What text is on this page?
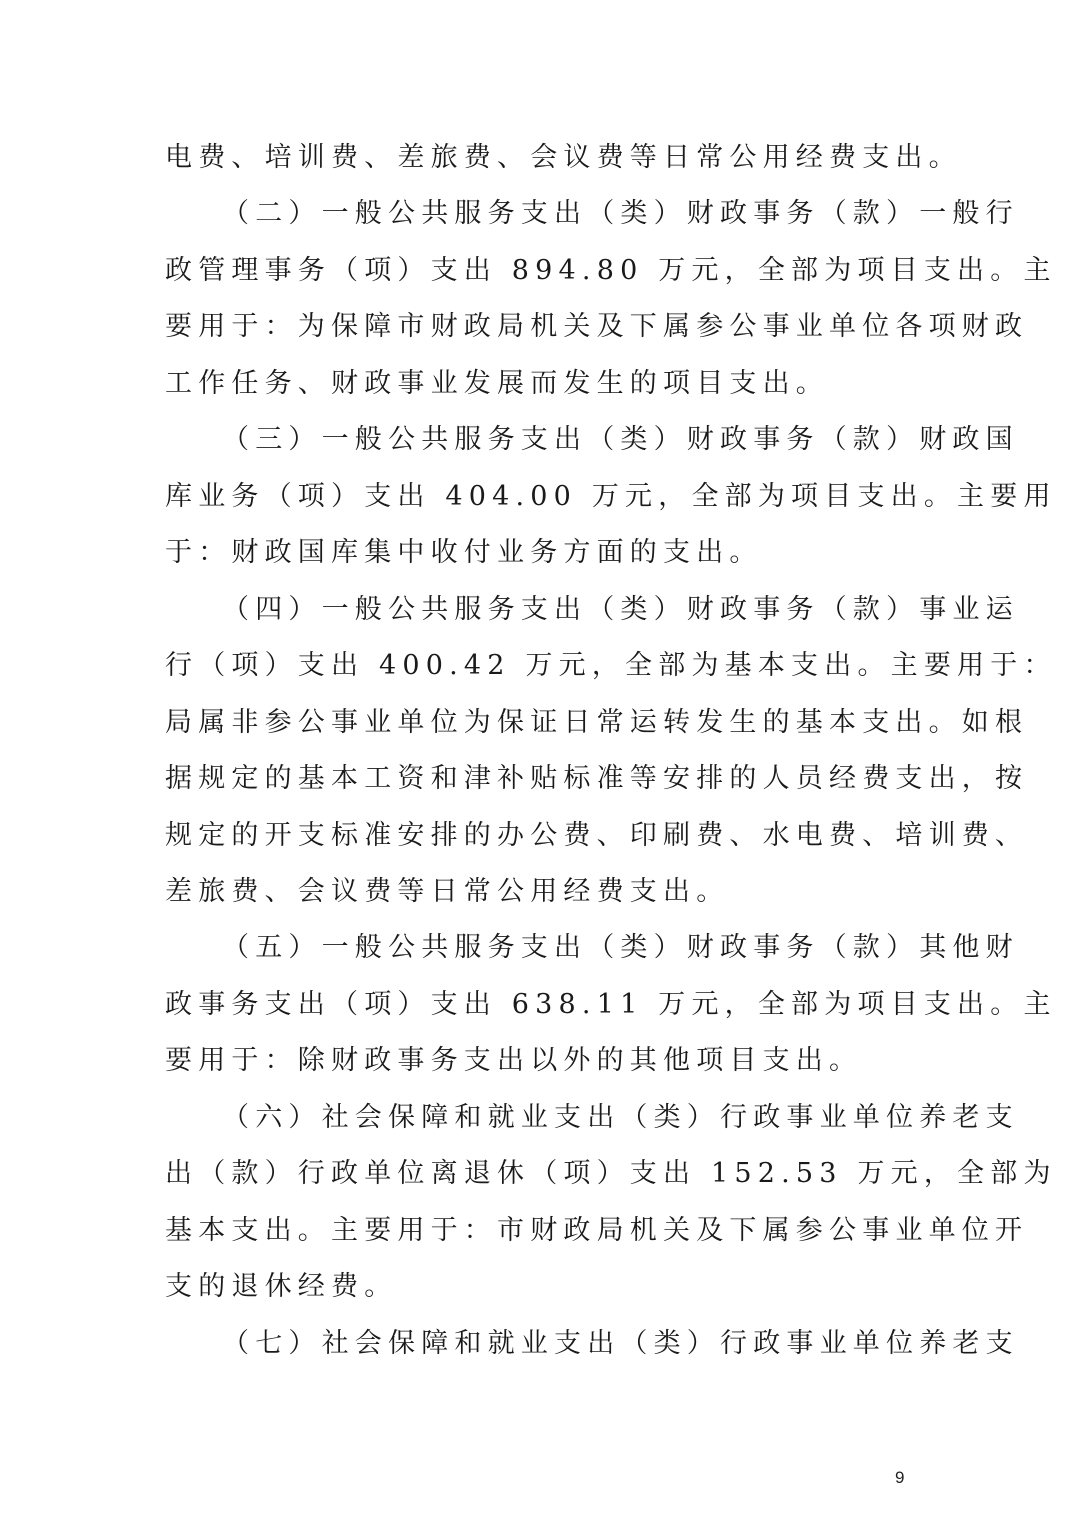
电费、培训费、差旅费、会议费等日常公用经费支出。
（二）一般公共服务支出（类）财政事务（款）一般行
政管理事务（项）支出 894.80 万元，全部为项目支出。主
要用于：为保障市财政局机关及下属参公事业单位各项财政
工作任务、财政事业发展而发生的项目支出。
（三）一般公共服务支出（类）财政事务（款）财政国
库业务（项）支出 404.00 万元，全部为项目支出。主要用
于：财政国库集中收付业务方面的支出。
（四）一般公共服务支出（类）财政事务（款）事业运
行（项）支出 400.42 万元，全部为基本支出。主要用于：
局属非参公事业单位为保证日常运转发生的基本支出。如根
据规定的基本工资和津补贴标准等安排的人员经费支出，按
规定的开支标准安排的办公费、印刷费、水电费、培训费、
差旅费、会议费等日常公用经费支出。
（五）一般公共服务支出（类）财政事务（款）其他财
政事务支出（项）支出 638.11 万元，全部为项目支出。主
要用于：除财政事务支出以外的其他项目支出。
（六）社会保障和就业支出（类）行政事业单位养老支
出（款）行政单位离退休（项）支出 152.53 万元，全部为
基本支出。主要用于：市财政局机关及下属参公事业单位开
支的退休经费。
（七）社会保障和就业支出（类）行政事业单位养老支
9
